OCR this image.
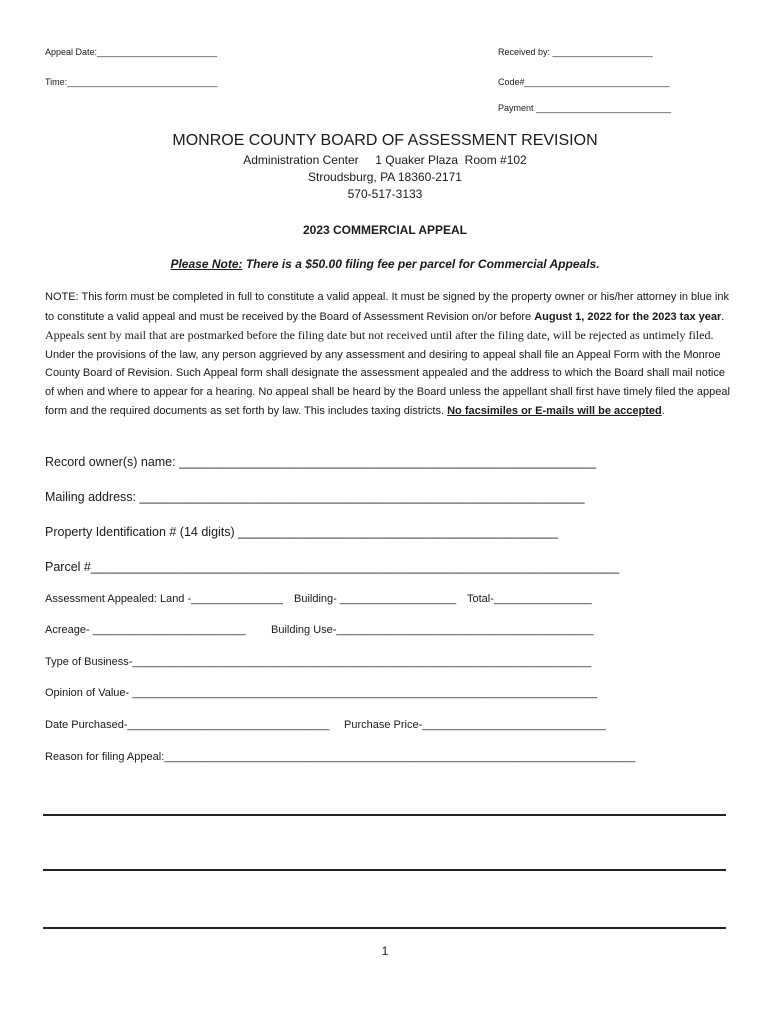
Appeal Date:________________________
Time:______________________________
Received by: ____________________
Code#_____________________________
Payment ___________________________
MONROE COUNTY BOARD OF ASSESSMENT REVISION
Administration Center     1 Quaker Plaza  Room #102
Stroudsburg, PA 18360-2171
570-517-3133
2023 COMMERCIAL APPEAL
Please Note: There is a $50.00 filing fee per parcel for Commercial Appeals.
NOTE: This form must be completed in full to constitute a valid appeal. It must be signed by the property owner or his/her attorney in blue ink to constitute a valid appeal and must be received by the Board of Assessment Revision on/or before August 1, 2022 for the 2023 tax year. Appeals sent by mail that are postmarked before the filing date but not received until after the filing date, will be rejected as untimely filed. Under the provisions of the law, any person aggrieved by any assessment and desiring to appeal shall file an Appeal Form with the Monroe County Board of Revision. Such Appeal form shall designate the assessment appealed and the address to which the Board shall mail notice of when and where to appear for a hearing. No appeal shall be heard by the Board unless the appellant shall first have timely filed the appeal form and the required documents as set forth by law. This includes taxing districts. No facsimiles or E-mails will be accepted.
Record owner(s) name: ____________________________________________________________
Mailing address: ________________________________________________________________
Property Identification # (14 digits) ______________________________________________
Parcel #____________________________________________________________________________
Assessment Appealed: Land -_______________ Building- ___________________ Total-________________
Acreage- _________________________ Building Use-__________________________________________
Type of Business-___________________________________________________________________________
Opinion of Value- ____________________________________________________________________________
Date Purchased-_________________________________ Purchase Price-______________________________
Reason for filing Appeal:_____________________________________________________________________________
1
